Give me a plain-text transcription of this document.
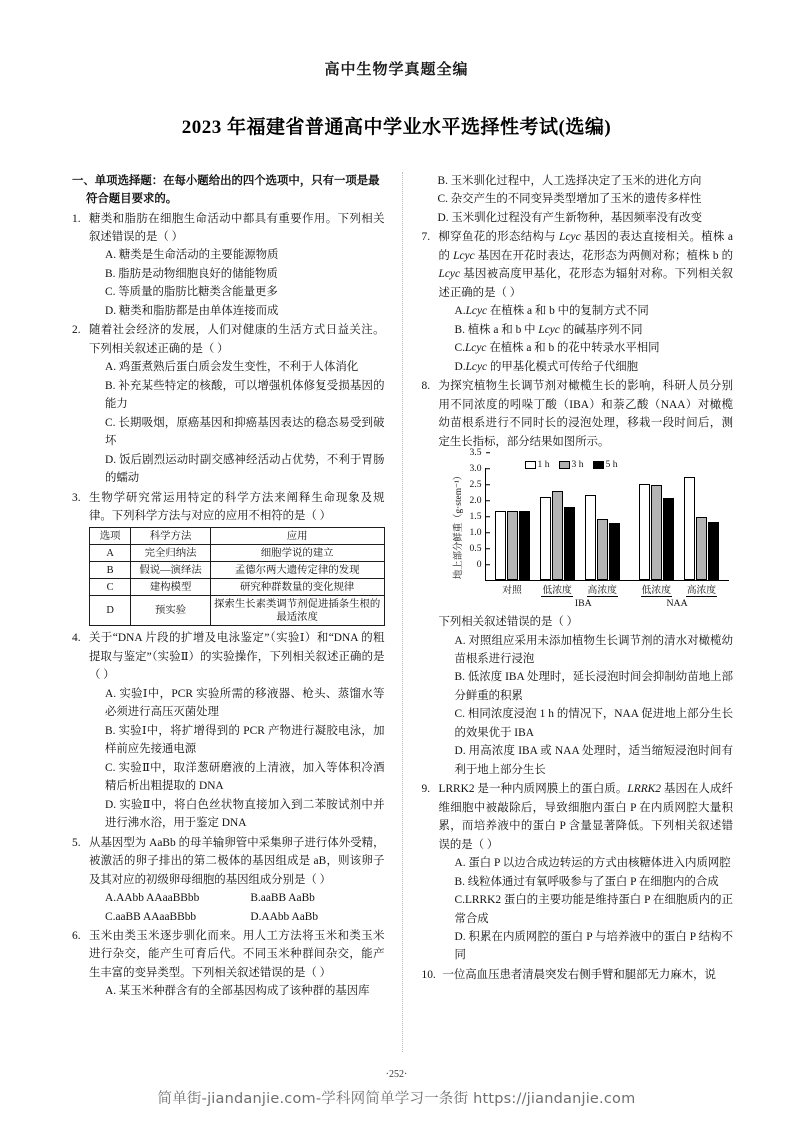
高中生物学真题全编
2023 年福建省普通高中学业水平选择性考试(选编)
一、单项选择题：在每小题给出的四个选项中，只有一项是最
符合题目要求的。
1. 糖类和脂肪在细胞生命活动中都具有重要作用。下列相关叙述错误的是（ ）
A. 糖类是生命活动的主要能源物质
B. 脂肪是动物细胞良好的储能物质
C. 等质量的脂肪比糖类含能量更多
D. 糖类和脂肪都是由单体连接而成
2. 随着社会经济的发展，人们对健康的生活方式日益关注。下列相关叙述正确的是（ ）
A. 鸡蛋煮熟后蛋白质会发生变性，不利于人体消化
B. 补充某些特定的核酸，可以增强机体修复受损基因的能力
C. 长期吸烟，原癌基因和抑癌基因表达的稳态易受到破坏
D. 饭后剧烈运动时副交感神经活动占优势，不利于胃肠的蠕动
3. 生物学研究常运用特定的科学方法来阐释生命现象及规律。下列科学方法与对应的应用不相符的是（ ）
选项	科学方法	应用
A	完全归纳法	细胞学说的建立
B	假说—演绎法	孟德尔两大遗传定律的发现
C	建构模型	研究种群数量的变化规律
D	预实验	探索生长素类调节剂促进插条生根的最适浓度
4. 关于“DNA 片段的扩增及电泳鉴定”（实验Ⅰ）和“DNA 的粗提取与鉴定”（实验Ⅱ）的实验操作，下列相关叙述正确的是（ ）
A. 实验Ⅰ中，PCR 实验所需的移液器、枪头、蒸馏水等必须进行高压灭菌处理
B. 实验Ⅰ中，将扩增得到的 PCR 产物进行凝胶电泳，加样前应先接通电源
C. 实验Ⅱ中，取洋葱研磨液的上清液，加入等体积冷酒精后析出粗提取的 DNA
D. 实验Ⅱ中，将白色丝状物直接加入到二苯胺试剂中并进行沸水浴，用于鉴定 DNA
5. 从基因型为 AaBb 的母羊输卵管中采集卵子进行体外受精，被激活的卵子排出的第二极体的基因组成是 aB，则该卵子及其对应的初级卵母细胞的基因组成分别是（ ）
A.AAbb AAaaBBbb	B.aaBB AaBb
C.aaBB AAaaBBbb	D.AAbb AaBb
6. 玉米由类玉米逐步驯化而来。用人工方法将玉米和类玉米进行杂交，能产生可育后代。不同玉米种群间杂交，能产生丰富的变异类型。下列相关叙述错误的是（ ）
A. 某玉米种群含有的全部基因构成了该种群的基因库
B. 玉米驯化过程中，人工选择决定了玉米的进化方向
C. 杂交产生的不同变异类型增加了玉米的遗传多样性
D. 玉米驯化过程没有产生新物种，基因频率没有改变
7. 柳穿鱼花的形态结构与 Lcyc 基因的表达直接相关。植株 a 的 Lcyc 基因在开花时表达，花形态为两侧对称；植株 b 的 Lcyc 基因被高度甲基化，花形态为辐射对称。下列相关叙述正确的是（ ）
A.Lcyc 在植株 a 和 b 中的复制方式不同
B. 植株 a 和 b 中 Lcyc 的碱基序列不同
C.Lcyc 在植株 a 和 b 的花中转录水平相同
D.Lcyc 的甲基化模式可传给子代细胞
8. 为探究植物生长调节剂对橄榄生长的影响，科研人员分别用不同浓度的吲哚丁酸（IBA）和萘乙酸（NAA）对橄榄幼苗根系进行不同时长的浸泡处理，移栽一段时间后，测定生长指标，部分结果如图所示。
1 h 3 h 5 h
地上部分鲜重（g·stem⁻¹） 0
0.5
1.0
1.5
2.0
2.5
3.0
3.5
对照	低浓度	高浓度	低浓度	高浓度
IBA	NAA
下列相关叙述错误的是（ ）
A. 对照组应采用未添加植物生长调节剂的清水对橄榄幼苗根系进行浸泡
B. 低浓度 IBA 处理时，延长浸泡时间会抑制幼苗地上部分鲜重的积累
C. 相同浓度浸泡 1 h 的情况下，NAA 促进地上部分生长的效果优于 IBA
D. 用高浓度 IBA 或 NAA 处理时，适当缩短浸泡时间有利于地上部分生长
9. LRRK2 是一种内质网膜上的蛋白质。LRRK2 基因在人成纤维细胞中被敲除后，导致细胞内蛋白 P 在内质网腔大量积累，而培养液中的蛋白 P 含量显著降低。下列相关叙述错误的是（ ）
A. 蛋白 P 以边合成边转运的方式由核糖体进入内质网腔
B. 线粒体通过有氧呼吸参与了蛋白 P 在细胞内的合成
C.LRRK2 蛋白的主要功能是维持蛋白 P 在细胞质内的正常合成
D. 积累在内质网腔的蛋白 P 与培养液中的蛋白 P 结构不同
10. 一位高血压患者清晨突发右侧手臂和腿部无力麻木，说
·252·
简单街-jiandanjie.com-学科网简单学习一条街 https://jiandanjie.com
